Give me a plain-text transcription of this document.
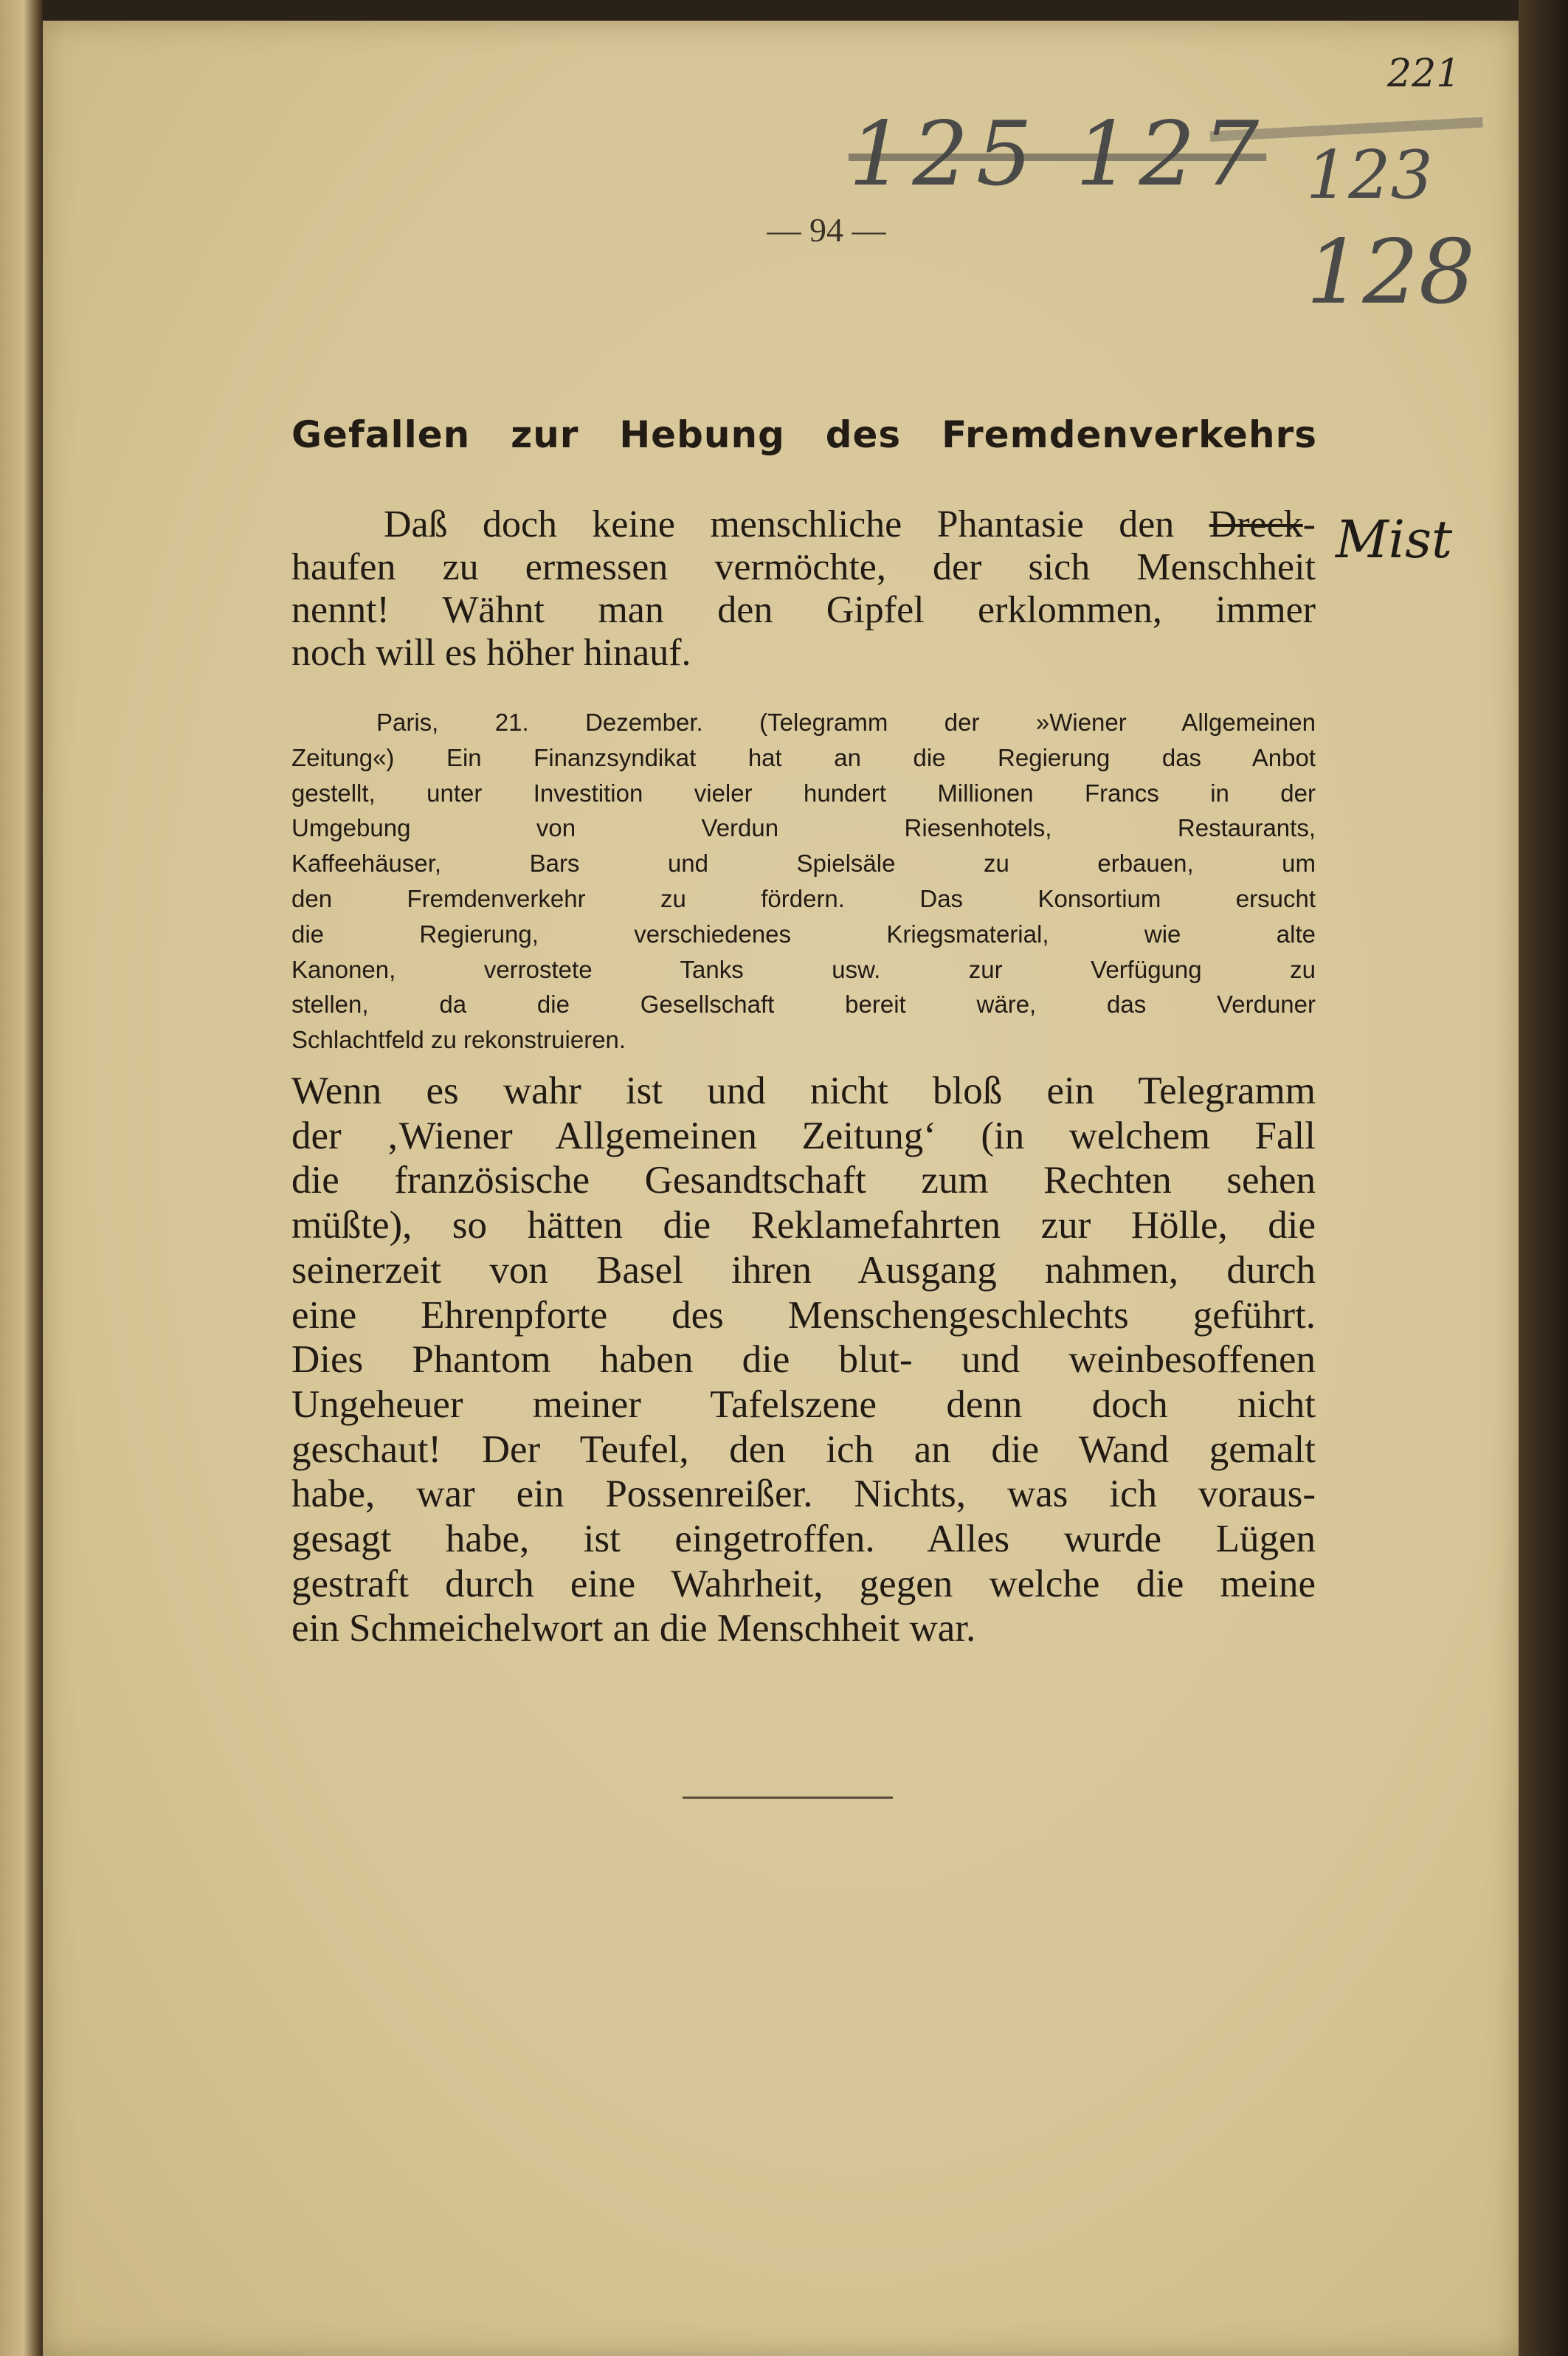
221
125 127 123
128
— 94 —
Gefallen zur Hebung des Fremdenverkehrs
Daß doch keine menschliche Phantasie den Dreck-
haufen zu ermessen vermöchte, der sich Menschheit
nennt! Wähnt man den Gipfel erklommen, immer
noch will es höher hinauf.
Mist
Paris, 21. Dezember. (Telegramm der »Wiener Allgemeinen
Zeitung«) Ein Finanzsyndikat hat an die Regierung das Anbot
gestellt, unter Investition vieler hundert Millionen Francs in der
Umgebung von Verdun Riesenhotels, Restaurants,
Kaffeehäuser, Bars und Spielsäle zu erbauen, um
den Fremdenverkehr zu fördern. Das Konsortium ersucht
die Regierung, verschiedenes Kriegsmaterial, wie alte
Kanonen, verrostete Tanks usw. zur Verfügung zu
stellen, da die Gesellschaft bereit wäre, das Verduner
Schlachtfeld zu rekonstruieren.
Wenn es wahr ist und nicht bloß ein Telegramm
der ‚Wiener Allgemeinen Zeitung‘ (in welchem Fall
die französische Gesandtschaft zum Rechten sehen
müßte), so hätten die Reklamefahrten zur Hölle, die
seinerzeit von Basel ihren Ausgang nahmen, durch
eine Ehrenpforte des Menschengeschlechts geführt.
Dies Phantom haben die blut- und weinbesoffenen
Ungeheuer meiner Tafelszene denn doch nicht
geschaut! Der Teufel, den ich an die Wand gemalt
habe, war ein Possenreißer. Nichts, was ich voraus-
gesagt habe, ist eingetroffen. Alles wurde Lügen
gestraft durch eine Wahrheit, gegen welche die meine
ein Schmeichelwort an die Menschheit war.
